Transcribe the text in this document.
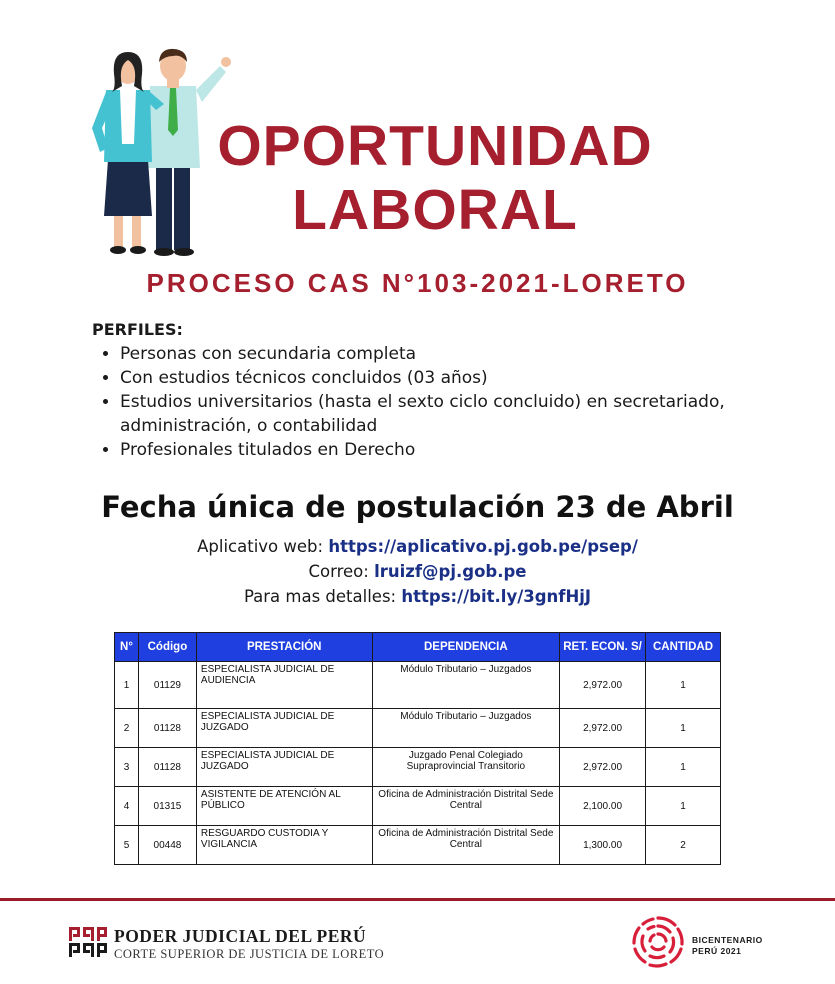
OPORTUNIDAD
LABORAL
PROCESO CAS N°103-2021-LORETO
PERFILES:
• Personas con secundaria completa
• Con estudios técnicos concluidos (03 años)
• Estudios universitarios (hasta el sexto ciclo concluido) en secretariado, administración, o contabilidad
• Profesionales titulados en Derecho
Fecha única de postulación 23 de Abril
Aplicativo web: https://aplicativo.pj.gob.pe/psep/
Correo: lruizf@pj.gob.pe
Para mas detalles: https://bit.ly/3gnfHjJ
N°	Código	PRESTACIÓN	DEPENDENCIA	RET. ECON. S/	CANTIDAD
1	01129	ESPECIALISTA JUDICIAL DE AUDIENCIA	Módulo Tributario – Juzgados	2,972.00	1
2	01128	ESPECIALISTA JUDICIAL DE JUZGADO	Módulo Tributario – Juzgados	2,972.00	1
3	01128	ESPECIALISTA JUDICIAL DE JUZGADO	Juzgado Penal Colegiado Supraprovincial Transitorio	2,972.00	1
4	01315	ASISTENTE DE ATENCIÓN AL PÚBLICO	Oficina de Administración Distrital Sede Central	2,100.00	1
5	00448	RESGUARDO CUSTODIA Y VIGILANCIA	Oficina de Administración Distrital Sede Central	1,300.00	2
PODER JUDICIAL DEL PERÚ
CORTE SUPERIOR DE JUSTICIA DE LORETO
BICENTENARIO
PERÚ 2021
